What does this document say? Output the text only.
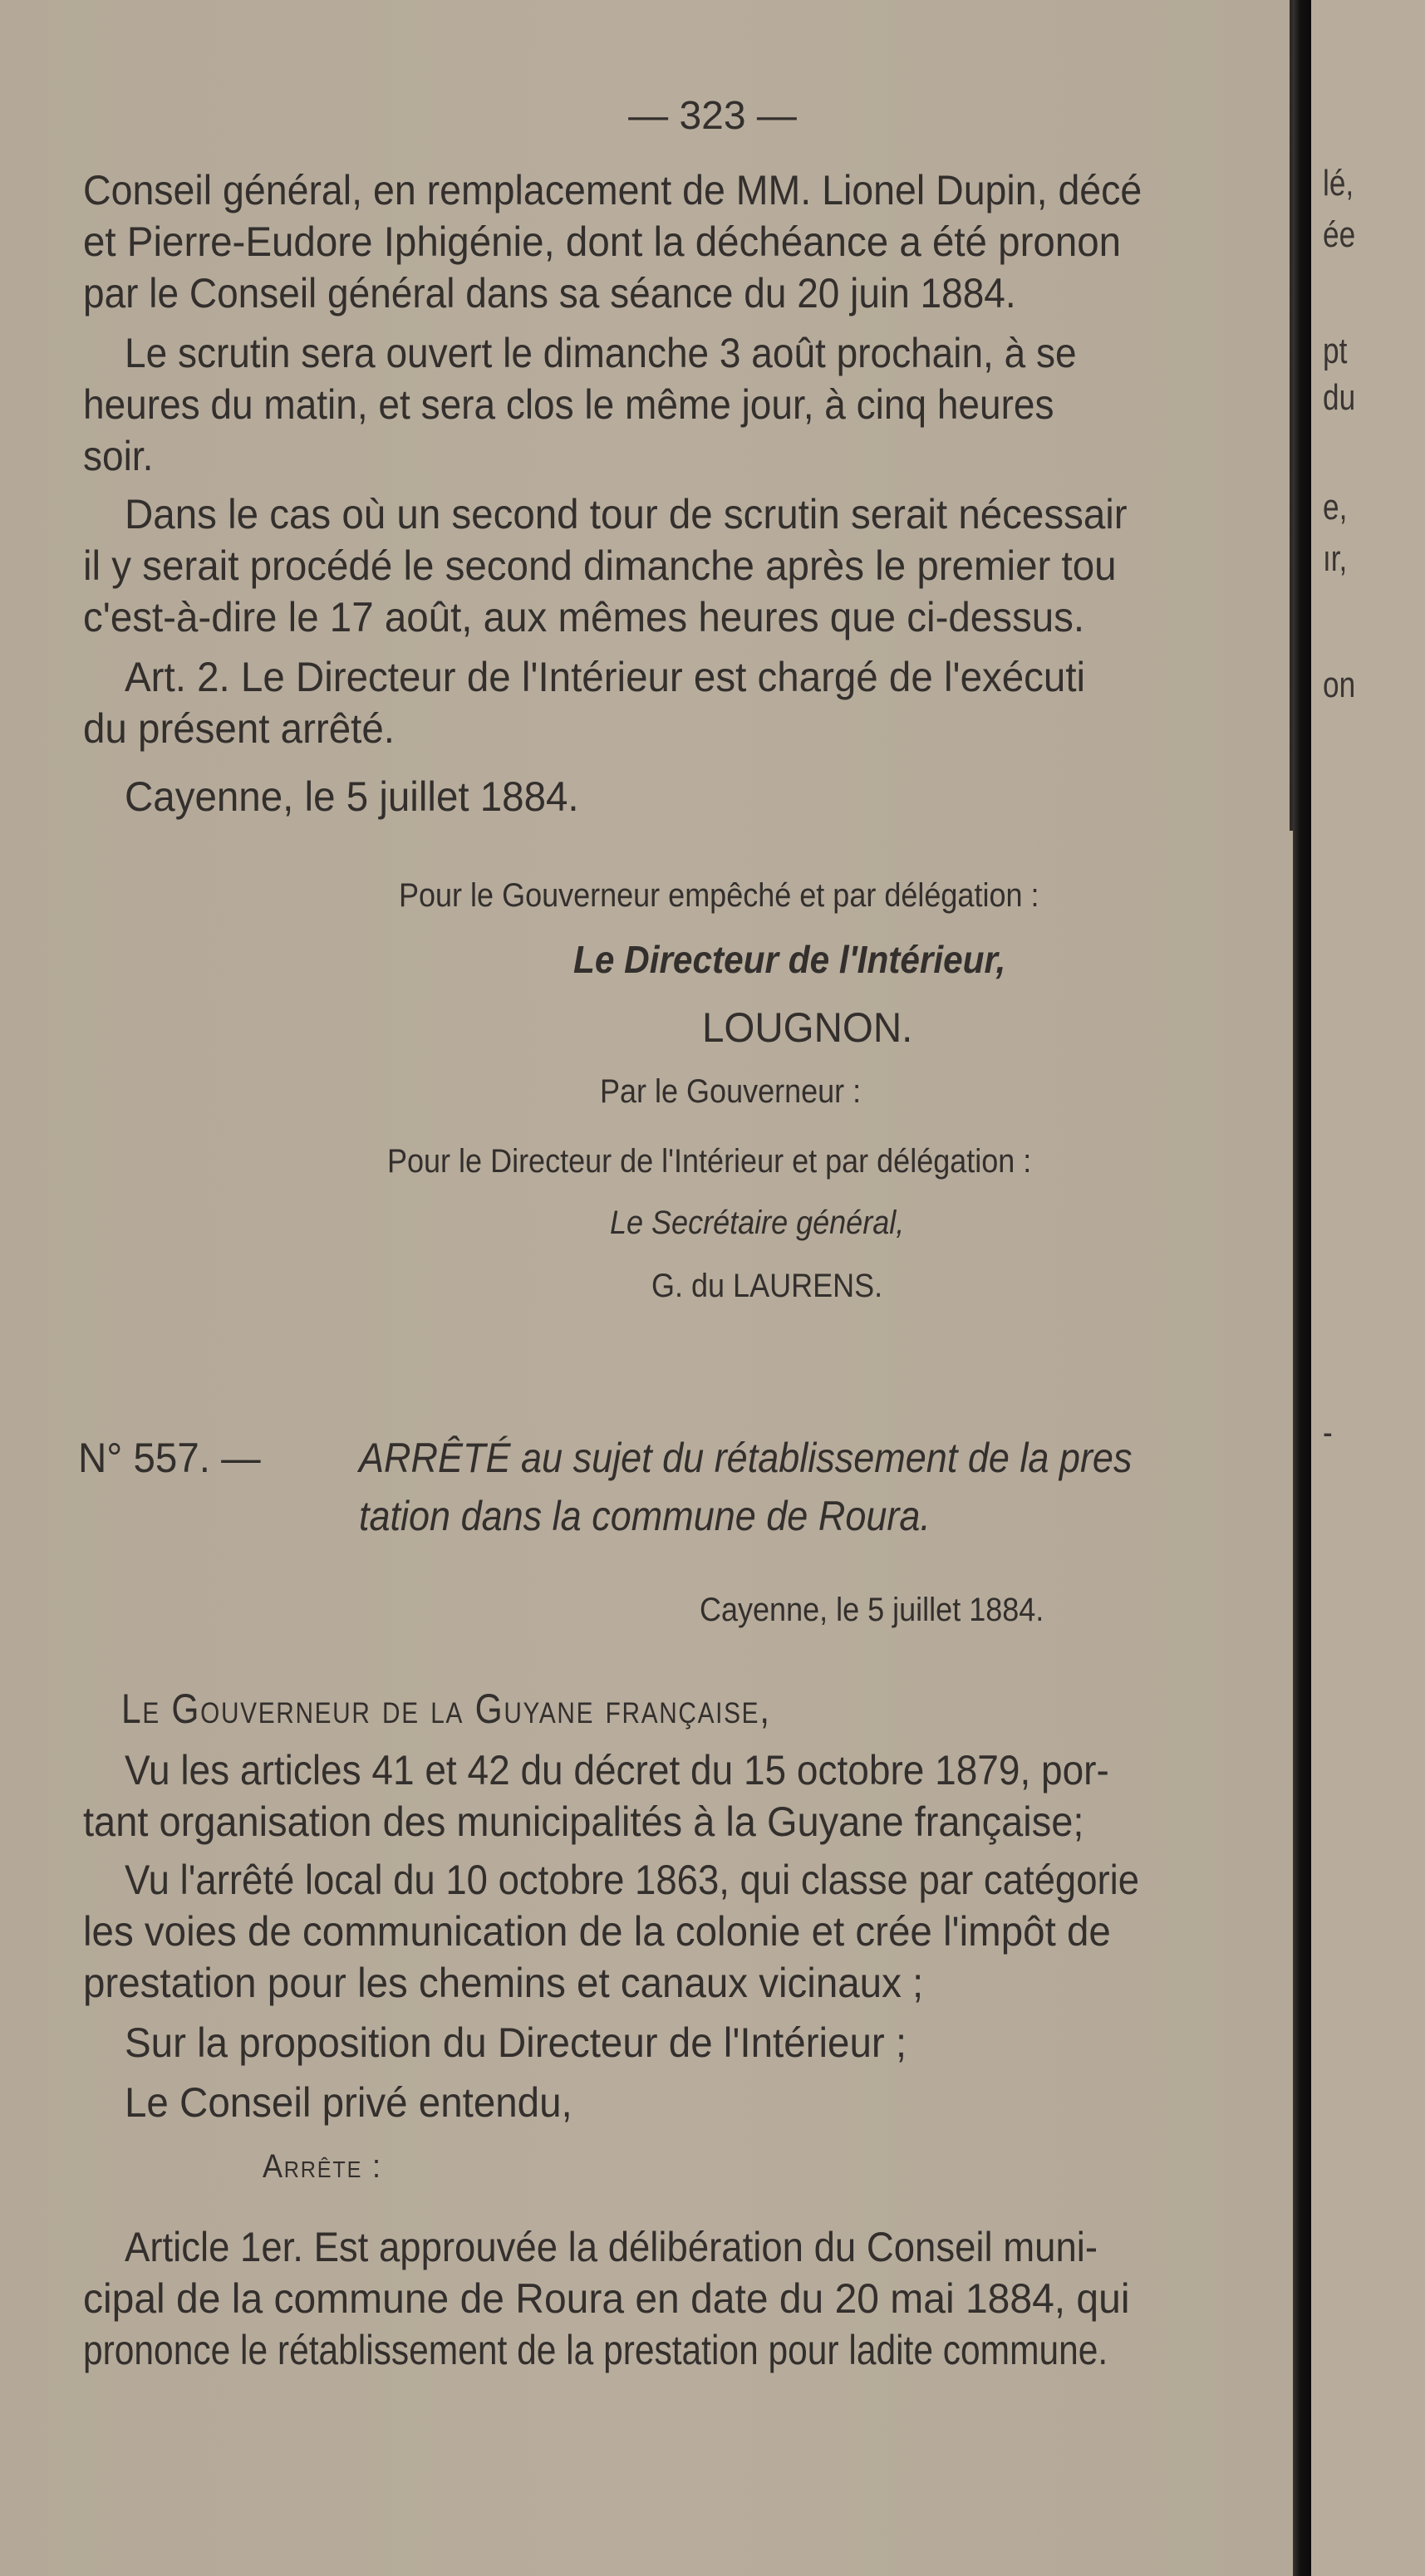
lé,
ée
pt
du
e,
ır,
on
-
— 323 —
Conseil général, en remplacement de MM. Lionel Dupin, décé
et Pierre-Eudore Iphigénie, dont la déchéance a été pronon
par le Conseil général dans sa séance du 20 juin 1884.
Le scrutin sera ouvert le dimanche 3 août prochain, à se
heures du matin, et sera clos le même jour, à cinq heures
soir.
Dans le cas où un second tour de scrutin serait nécessair
il y serait procédé le second dimanche après le premier tou
c'est-à-dire le 17 août, aux mêmes heures que ci-dessus.
Art. 2. Le Directeur de l'Intérieur est chargé de l'exécuti
du présent arrêté.
Cayenne, le 5 juillet 1884.
Pour le Gouverneur empêché et par délégation :
Le Directeur de l'Intérieur,
LOUGNON.
Par le Gouverneur :
Pour le Directeur de l'Intérieur et par délégation :
Le Secrétaire général,
G. du LAURENS.
N° 557. — ARRÊTÉ au sujet du rétablissement de la pres
tation dans la commune de Roura.
Cayenne, le 5 juillet 1884.
Le Gouverneur de la Guyane française,
Vu les articles 41 et 42 du décret du 15 octobre 1879, por-
tant organisation des municipalités à la Guyane française;
Vu l'arrêté local du 10 octobre 1863, qui classe par catégorie
les voies de communication de la colonie et crée l'impôt de
prestation pour les chemins et canaux vicinaux ;
Sur la proposition du Directeur de l'Intérieur ;
Le Conseil privé entendu,
Arrête :
Article 1er. Est approuvée la délibération du Conseil muni-
cipal de la commune de Roura en date du 20 mai 1884, qui
prononce le rétablissement de la prestation pour ladite commune.
